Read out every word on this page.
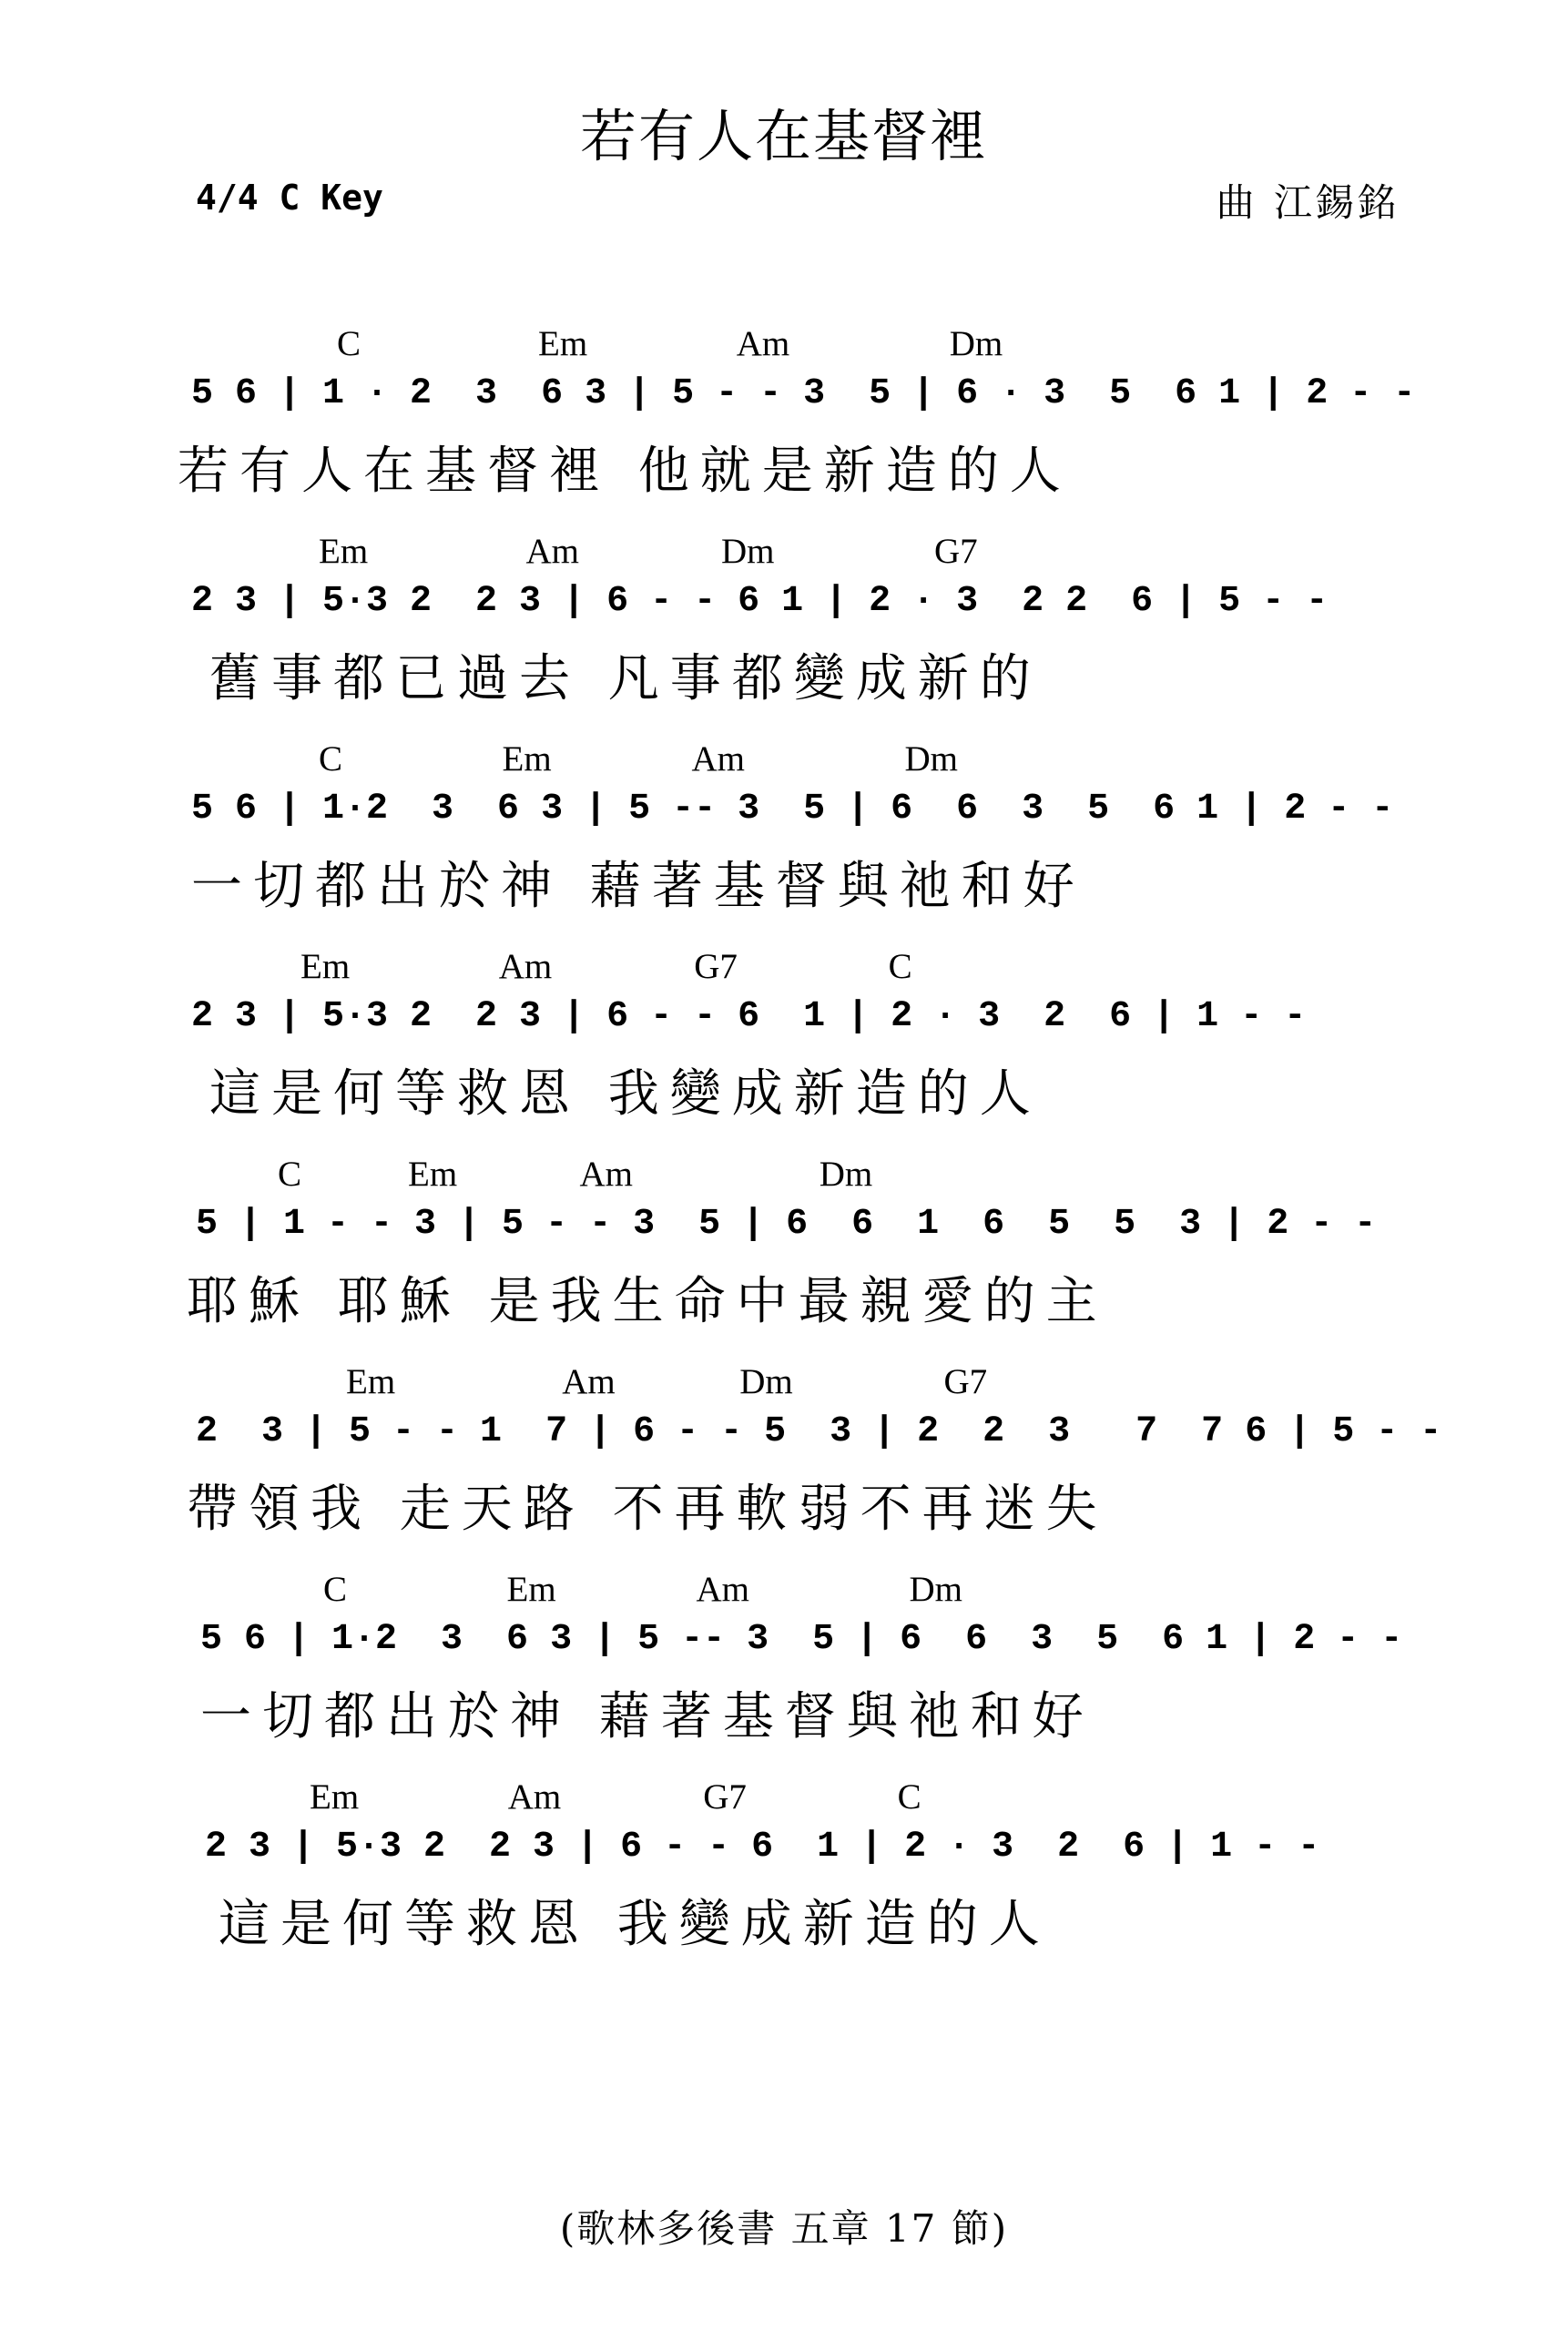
若有人在基督裡
4/4 C Key	曲 江錫銘
C                    Em                 Am                  Dm
5 6 | 1 · 2  3  6 3 | 5 - - 3  5 | 6 · 3  5  6 1 | 2 - -
若有人在基督裡 他就是新造的人
Em                  Am                Dm                  G7
2 3 | 5·3 2  2 3 | 6 - - 6 1 | 2 · 3  2 2  6 | 5 - -
舊事都已過去 凡事都變成新的
C                  Em                Am                  Dm
5 6 | 1·2  3  6 3 | 5 -- 3  5 | 6  6  3  5  6 1 | 2 - -
一切都出於神 藉著基督與祂和好
Em                 Am                G7                 C
2 3 | 5·3 2  2 3 | 6 - - 6  1 | 2 · 3  2  6 | 1 - -
這是何等救恩 我變成新造的人
C            Em              Am                     Dm
5 | 1 - - 3 | 5 - - 3  5 | 6  6  1  6  5  5  3 | 2 - -
耶穌 耶穌 是我生命中最親愛的主
Em                   Am              Dm                 G7
2  3 | 5 - - 1  7 | 6 - - 5  3 | 2  2  3   7  7 6 | 5 - -
帶領我 走天路 不再軟弱不再迷失
C                  Em                Am                  Dm
5 6 | 1·2  3  6 3 | 5 -- 3  5 | 6  6  3  5  6 1 | 2 - -
一切都出於神 藉著基督與祂和好
Em                 Am                G7                 C
2 3 | 5·3 2  2 3 | 6 - - 6  1 | 2 · 3  2  6 | 1 - -
這是何等救恩 我變成新造的人
(歌林多後書 五章 17 節)
